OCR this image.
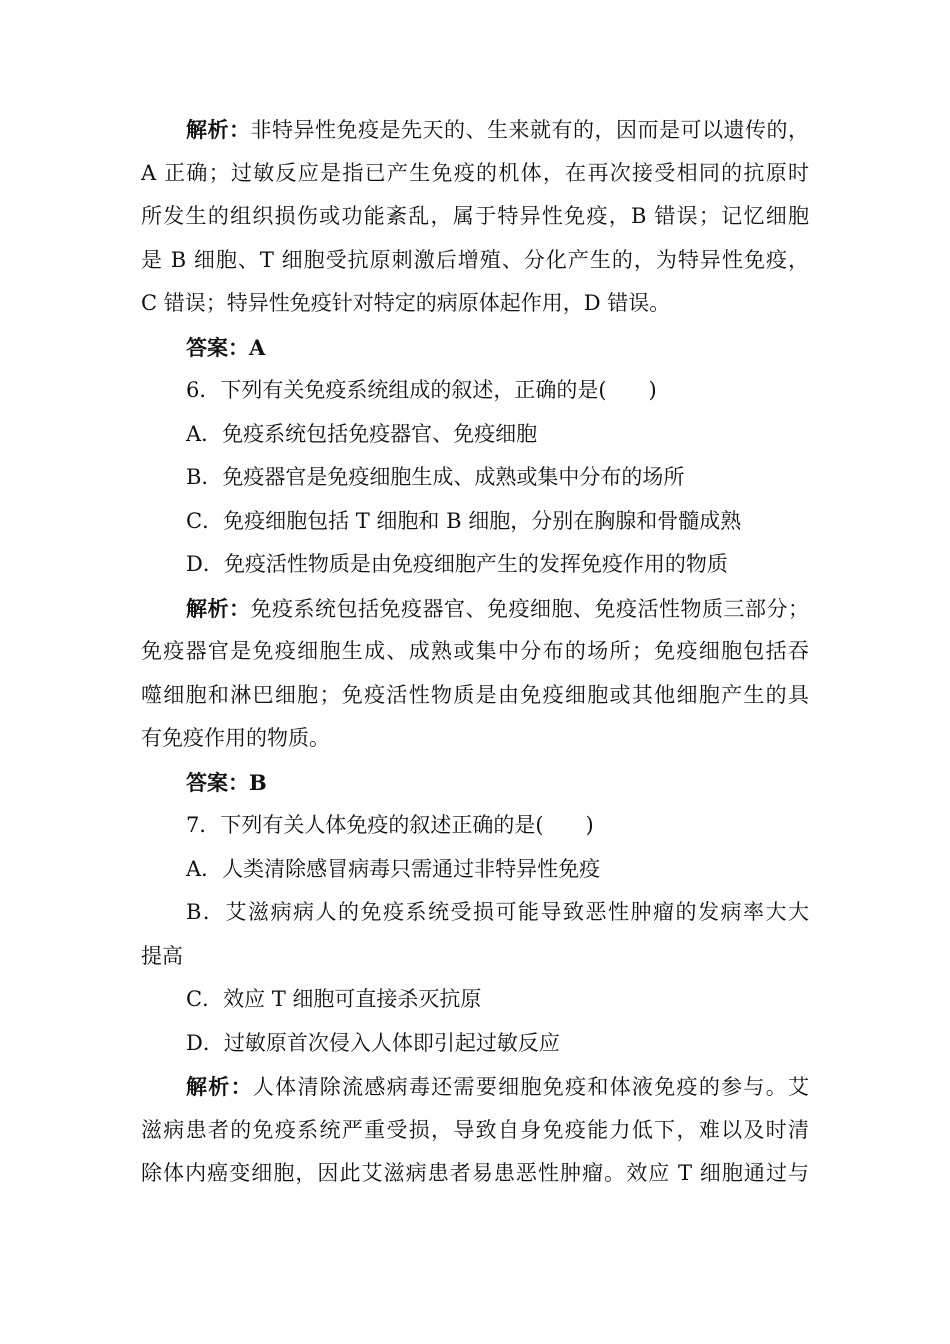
解析：非特异性免疫是先天的、生来就有的，因而是可以遗传的，
A 正确；过敏反应是指已产生免疫的机体，在再次接受相同的抗原时
所发生的组织损伤或功能紊乱，属于特异性免疫，B 错误；记忆细胞
是 B 细胞、T 细胞受抗原刺激后增殖、分化产生的，为特异性免疫，
C 错误；特异性免疫针对特定的病原体起作用，D 错误。
答案：A
6．下列有关免疫系统组成的叙述，正确的是(　　)
A．免疫系统包括免疫器官、免疫细胞
B．免疫器官是免疫细胞生成、成熟或集中分布的场所
C．免疫细胞包括 T 细胞和 B 细胞，分别在胸腺和骨髓成熟
D．免疫活性物质是由免疫细胞产生的发挥免疫作用的物质
解析：免疫系统包括免疫器官、免疫细胞、免疫活性物质三部分；
免疫器官是免疫细胞生成、成熟或集中分布的场所；免疫细胞包括吞
噬细胞和淋巴细胞；免疫活性物质是由免疫细胞或其他细胞产生的具
有免疫作用的物质。
答案：B
7．下列有关人体免疫的叙述正确的是(　　)
A．人类清除感冒病毒只需通过非特异性免疫
B．艾滋病病人的免疫系统受损可能导致恶性肿瘤的发病率大大
提高
C．效应 T 细胞可直接杀灭抗原
D．过敏原首次侵入人体即引起过敏反应
解析：人体清除流感病毒还需要细胞免疫和体液免疫的参与。艾
滋病患者的免疫系统严重受损，导致自身免疫能力低下，难以及时清
除体内癌变细胞，因此艾滋病患者易患恶性肿瘤。效应 T 细胞通过与
